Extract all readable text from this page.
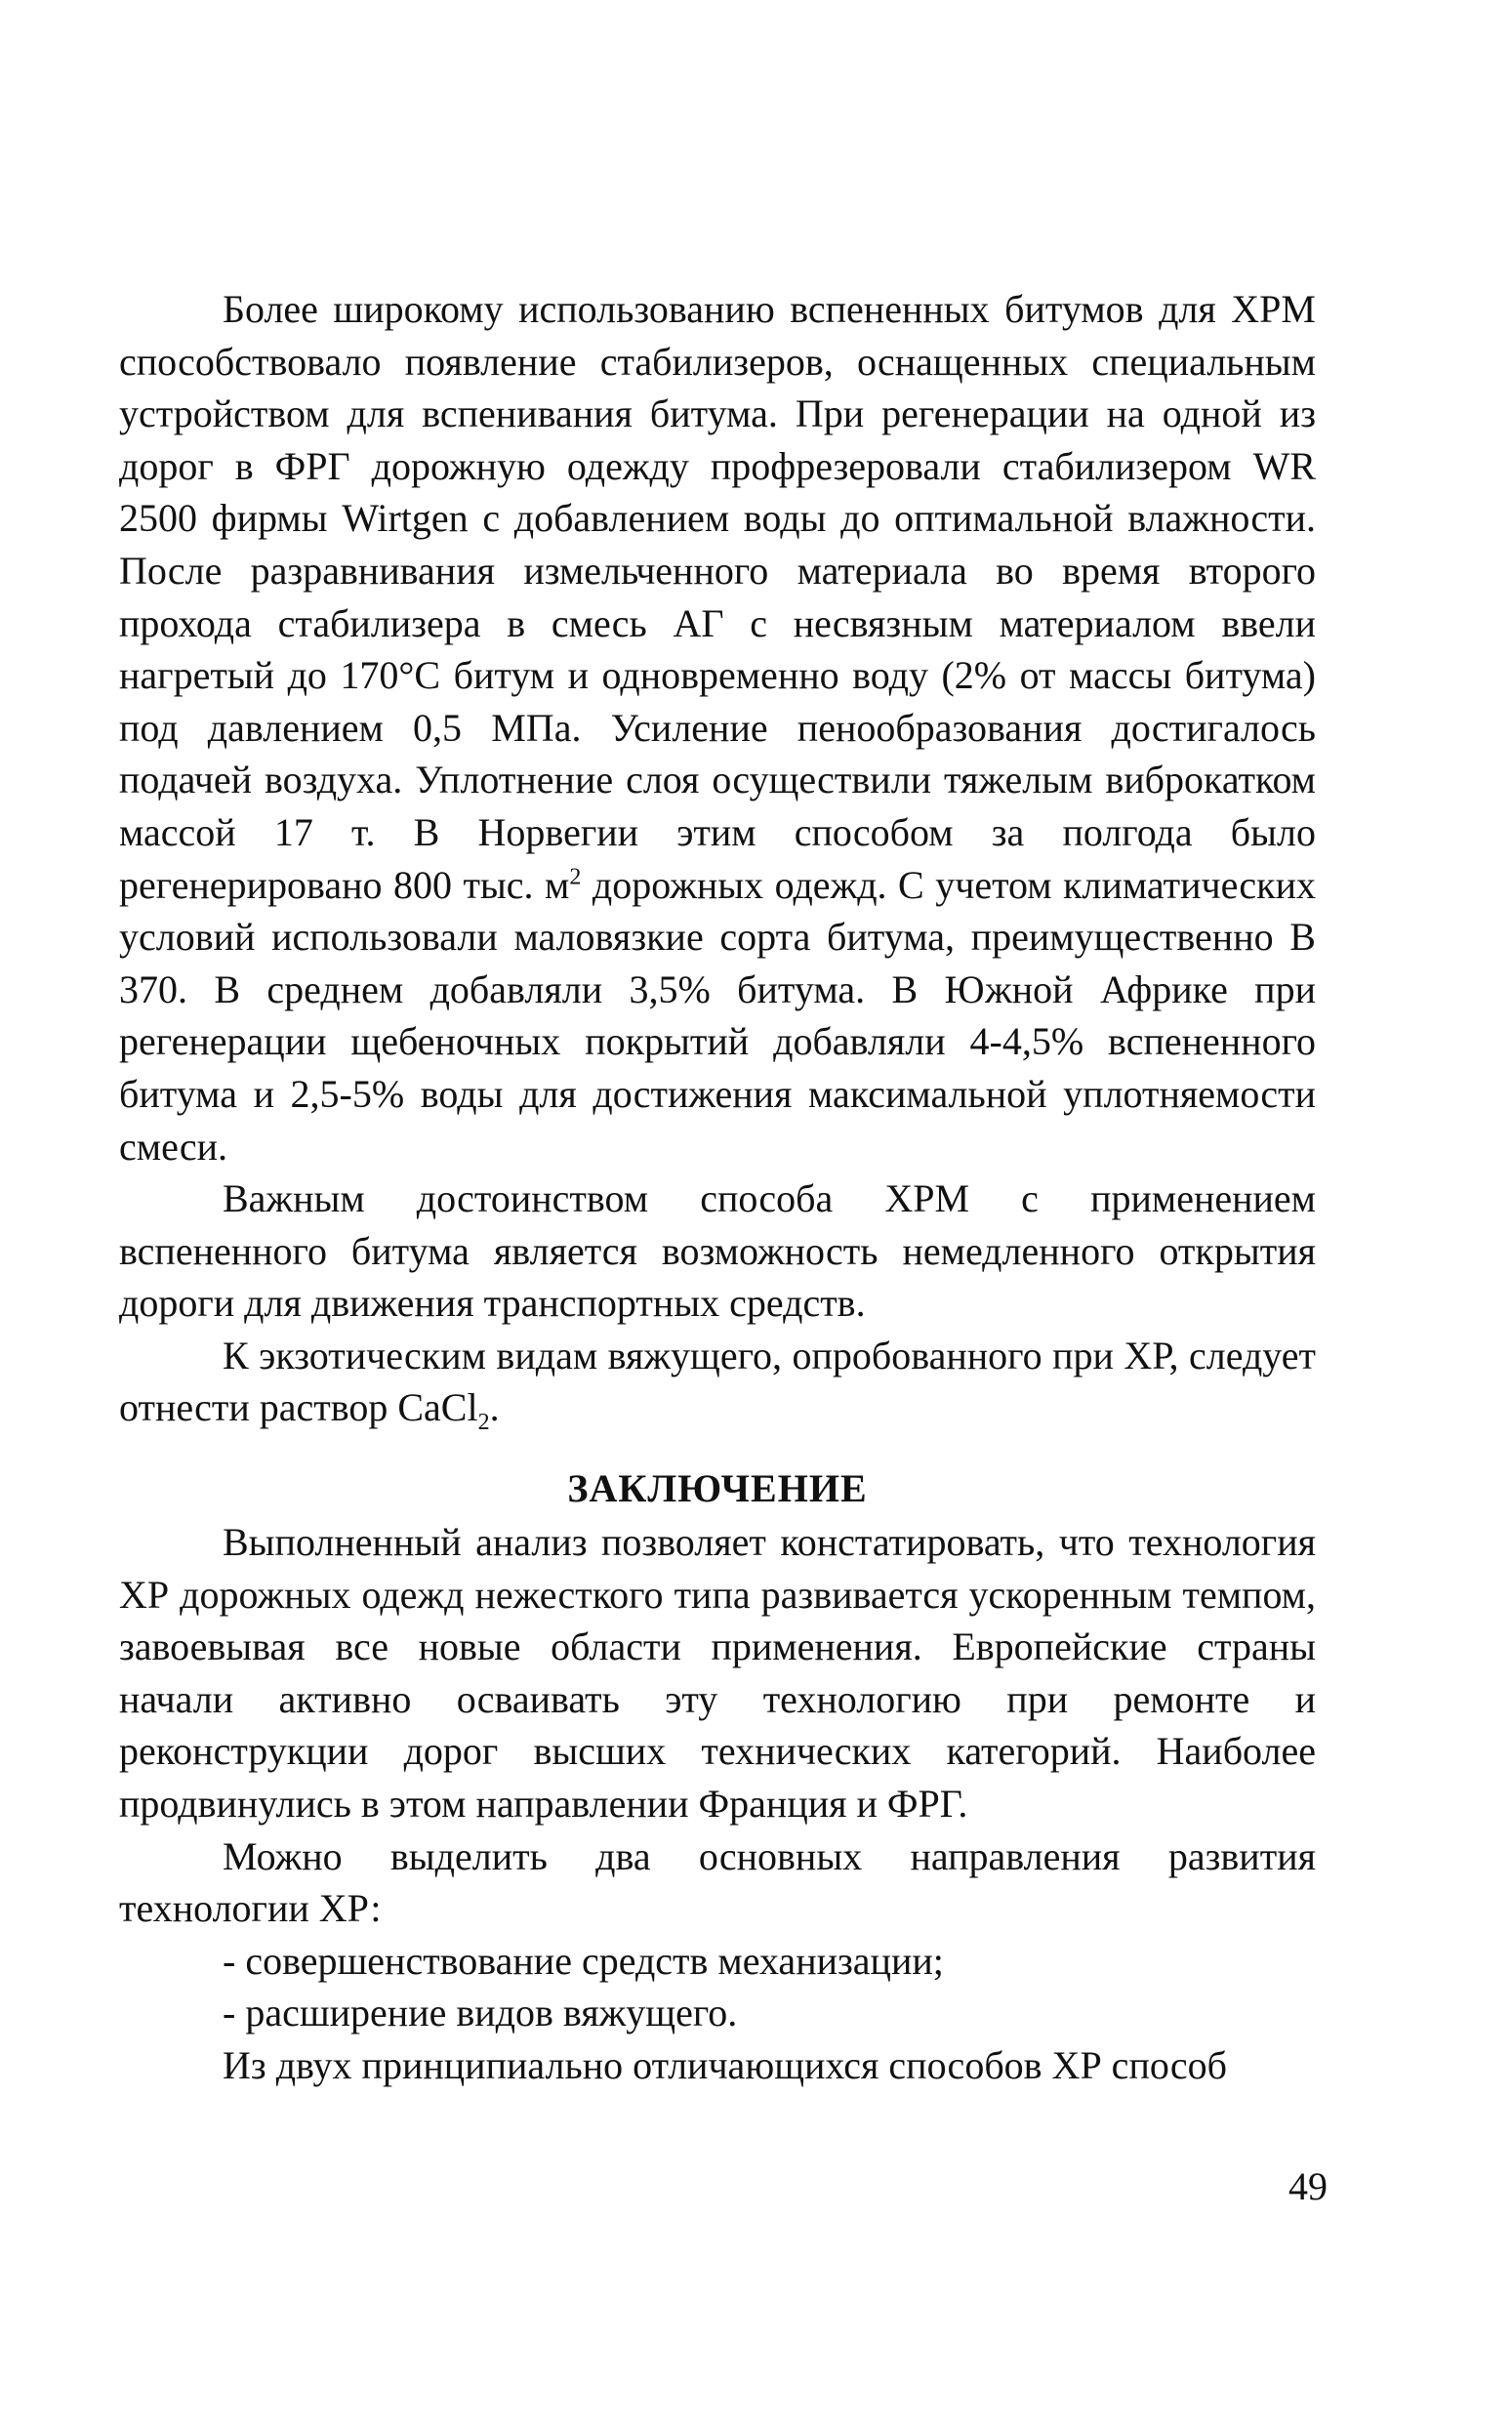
Более широкому использованию вспененных битумов для ХРМ способствовало появление стабилизеров, оснащенных специальным устройством для вспенивания битума. При регенерации на одной из дорог в ФРГ дорожную одежду профрезеровали стабилизером WR 2500 фирмы Wirtgen с добавлением воды до оптимальной влажности. После разравнивания измельченного материала во время второго прохода стабилизера в смесь АГ с несвязным материалом ввели нагретый до 170°С битум и одновременно воду (2% от массы битума) под давлением 0,5 МПа. Усиление пенообразования достигалось подачей воздуха. Уплотнение слоя осуществили тяжелым виброкатком массой 17 т. В Норвегии этим способом за полгода было регенерировано 800 тыс. $м^2$ дорожных одежд. С учетом климатических условий использовали маловязкие сорта битума, преимущественно В 370. В среднем добавляли 3,5% битума. В Южной Африке при регенерации щебеночных покрытий добавляли 4-4,5% вспененного битума и 2,5-5% воды для достижения максимальной уплотняемости смеси.

Важным достоинством способа ХРМ с применением вспененного битума является возможность немедленного открытия дороги для движения транспортных средств.

К экзотическим видам вяжущего, опробованного при ХР, следует отнести раствор CaCl$_2$.

ЗАКЛЮЧЕНИЕ

Выполненный анализ позволяет констатировать, что технология ХР дорожных одежд нежесткого типа развивается ускоренным темпом, завоевывая все новые области применения. Европейские страны начали активно осваивать эту технологию при ремонте и реконструкции дорог высших технических категорий. Наиболее продвинулись в этом направлении Франция и ФРГ.

Можно выделить два основных направления развития технологии ХР:

- совершенствование средств механизации;

- расширение видов вяжущего.

Из двух принципиально отличающихся способов ХР способ

49
